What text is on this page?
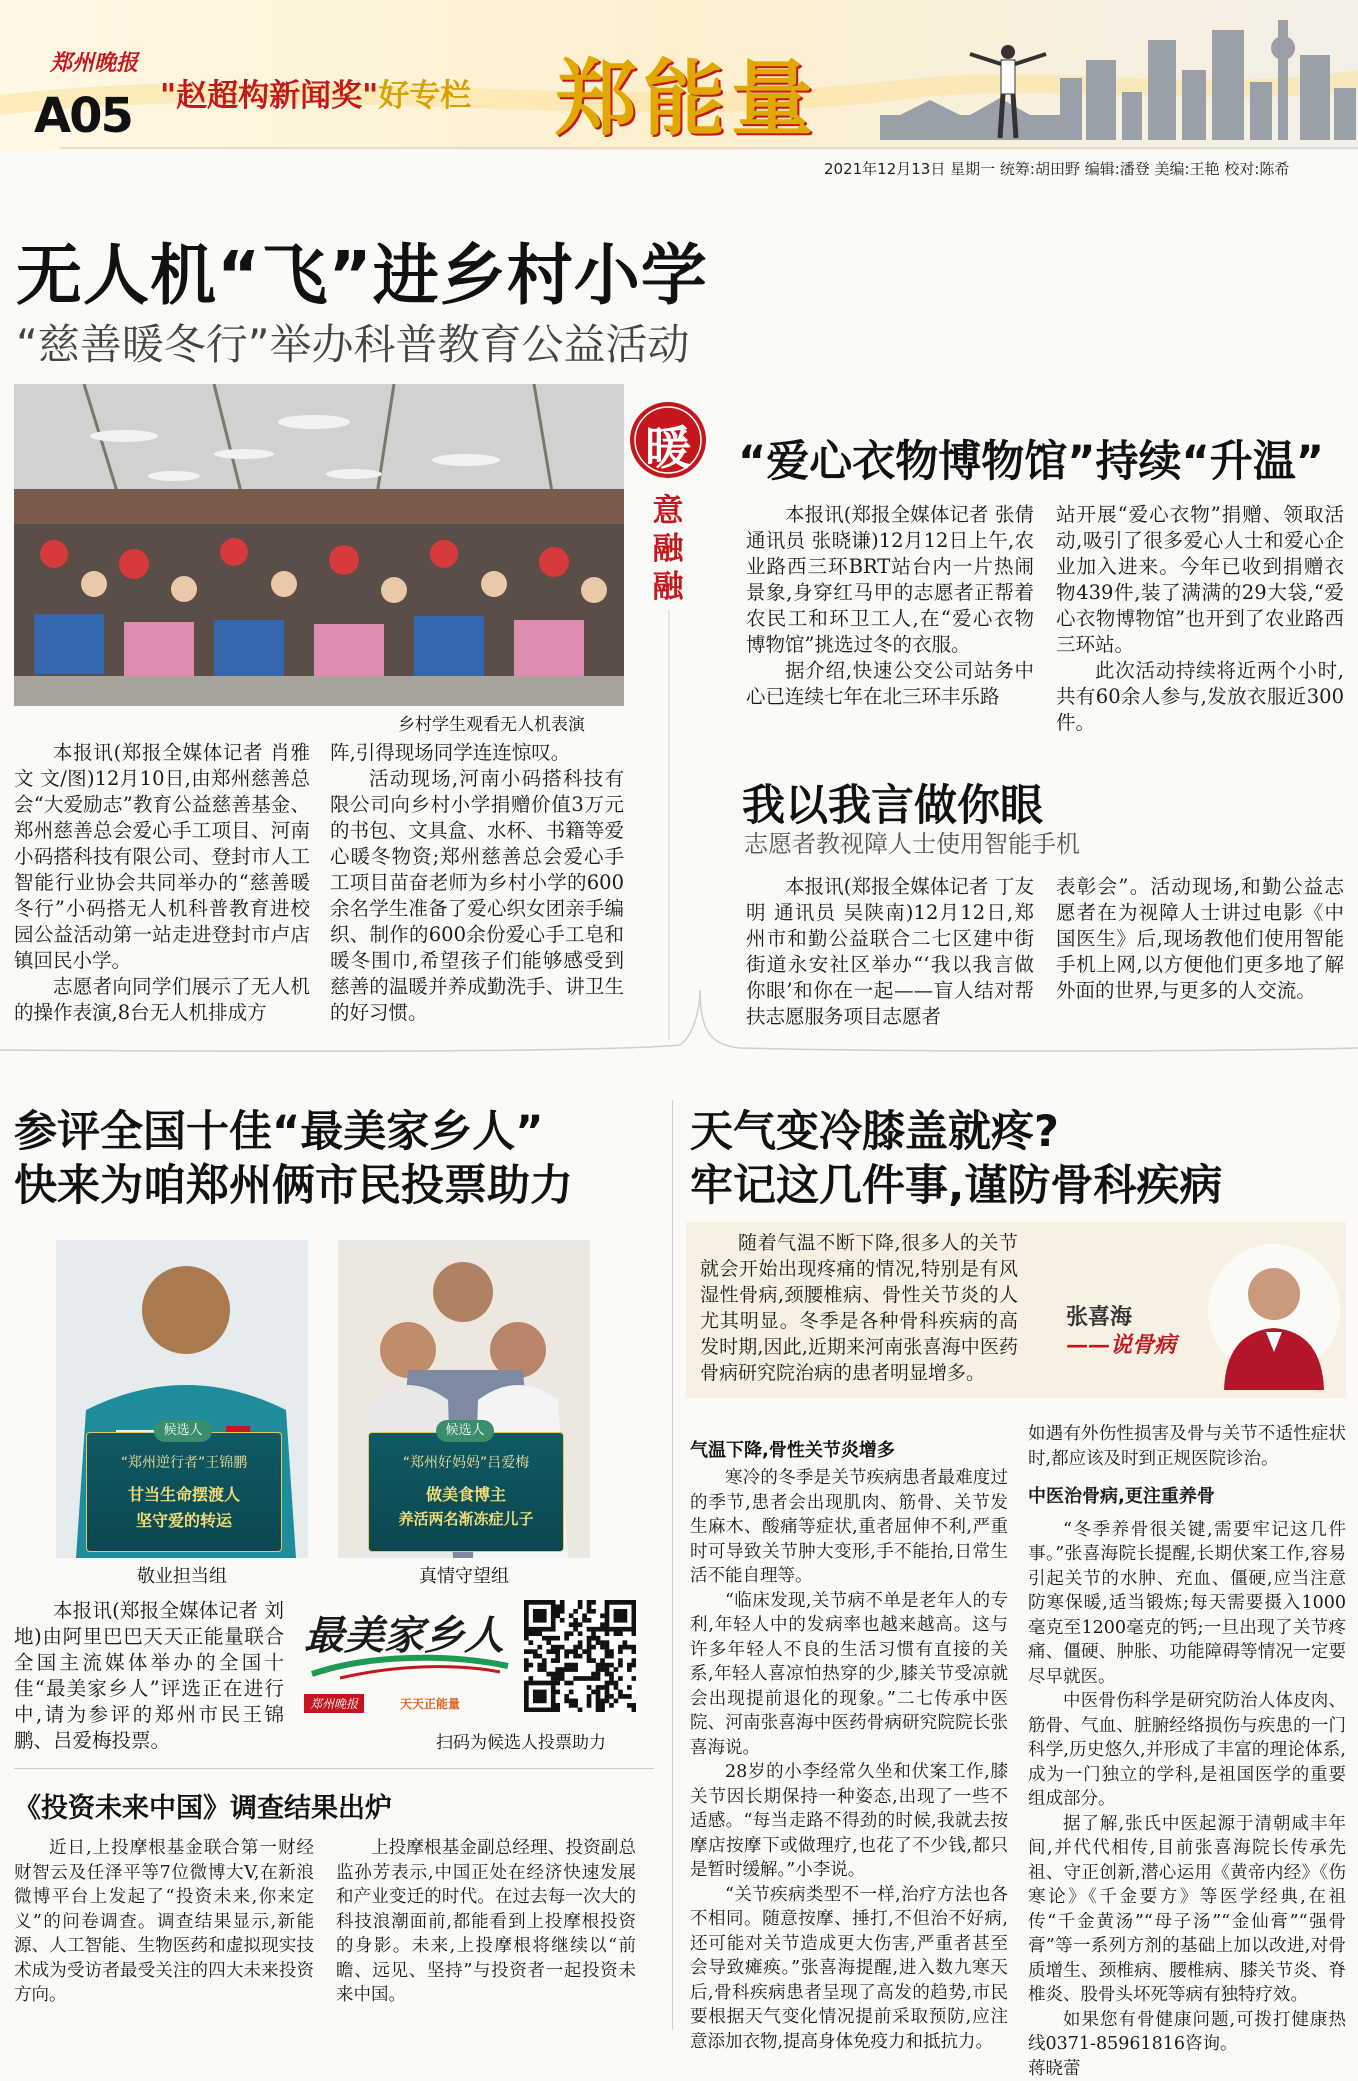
郑州晚报
A05 "赵超构新闻奖"好专栏 郑能量
2021年12月13日 星期一 统筹:胡田野 编辑:潘登 美编:王艳 校对:陈希
无人机“飞”进乡村小学
“慈善暖冬行”举办科普教育公益活动
乡村学生观看无人机表演

本报讯(郑报全媒体记者 肖雅文 文/图)12月10日,由郑州慈善总会“大爱励志”教育公益慈善基金、郑州慈善总会爱心手工项目、河南小码搭科技有限公司、登封市人工智能行业协会共同举办的“慈善暖冬行”小码搭无人机科普教育进校园公益活动第一站走进登封市卢店镇回民小学。

志愿者向同学们展示了无人机的操作表演,8台无人机排成方

阵,引得现场同学连连惊叹。

活动现场,河南小码搭科技有限公司向乡村小学捐赠价值3万元的书包、文具盒、水杯、书籍等爱心暖冬物资;郑州慈善总会爱心手工项目苗奋老师为乡村小学的600余名学生准备了爱心织女团亲手编织、制作的600余份爱心手工皂和暖冬围巾,希望孩子们能够感受到慈善的温暖并养成勤洗手、讲卫生的好习惯。

暖
意融融
“爱心衣物博物馆”持续“升温”

本报讯(郑报全媒体记者 张倩 通讯员 张晓谦)12月12日上午,农业路西三环BRT站台内一片热闹景象,身穿红马甲的志愿者正帮着农民工和环卫工人,在“爱心衣物博物馆”挑选过冬的衣服。

据介绍,快速公交公司站务中心已连续七年在北三环丰乐路

站开展“爱心衣物”捐赠、领取活动,吸引了很多爱心人士和爱心企业加入进来。今年已收到捐赠衣物439件,装了满满的29大袋,“爱心衣物博物馆”也开到了农业路西三环站。

此次活动持续将近两个小时,共有60余人参与,发放衣服近300件。

我以我言做你眼
志愿者教视障人士使用智能手机

本报讯(郑报全媒体记者 丁友明 通讯员 吴陕南)12月12日,郑州市和勤公益联合二七区建中街街道永安社区举办“‘我以我言做你眼’和你在一起——盲人结对帮扶志愿服务项目志愿者

表彰会”。活动现场,和勤公益志愿者在为视障人士讲过电影《中国医生》后,现场教他们使用智能手机上网,以方便他们更多地了解外面的世界,与更多的人交流。

参评全国十佳“最美家乡人”
快来为咱郑州俩市民投票助力
候选人
“郑州逆行者”王锦鹏
甘当生命摆渡人
坚守爱的转运
敬业担当组
候选人
“郑州好妈妈”吕爱梅
做美食博主
养活两名渐冻症儿子
真情守望组

本报讯(郑报全媒体记者 刘地)由阿里巴巴天天正能量联合全国主流媒体举办的全国十佳“最美家乡人”评选正在进行中,请为参评的郑州市民王锦鹏、吕爱梅投票。

最美家乡人
郑州晚报	天天正能量
扫码为候选人投票助力
《投资未来中国》调查结果出炉

近日,上投摩根基金联合第一财经财智云及任泽平等7位微博大V,在新浪微博平台上发起了“投资未来,你来定义”的问卷调查。调查结果显示,新能源、人工智能、生物医药和虚拟现实技术成为受访者最受关注的四大未来投资方向。

上投摩根基金副总经理、投资副总监孙芳表示,中国正处在经济快速发展和产业变迁的时代。在过去每一次大的科技浪潮面前,都能看到上投摩根投资的身影。未来,上投摩根将继续以“前瞻、远见、坚持”与投资者一起投资未来中国。

天气变冷膝盖就疼?
牢记这几件事,谨防骨科疾病
随着气温不断下降,很多人的关节就会开始出现疼痛的情况,特别是有风湿性骨病,颈腰椎病、骨性关节炎的人尤其明显。冬季是各种骨科疾病的高发时期,因此,近期来河南张喜海中医药骨病研究院治病的患者明显增多。
张喜海
——说骨病
气温下降,骨性关节炎增多

寒冷的冬季是关节疾病患者最难度过的季节,患者会出现肌肉、筋骨、关节发生麻木、酸痛等症状,重者屈伸不利,严重时可导致关节肿大变形,手不能抬,日常生活不能自理等。

“临床发现,关节病不单是老年人的专利,年轻人中的发病率也越来越高。这与许多年轻人不良的生活习惯有直接的关系,年轻人喜凉怕热穿的少,膝关节受凉就会出现提前退化的现象。”二七传承中医院、河南张喜海中医药骨病研究院院长张喜海说。

28岁的小李经常久坐和伏案工作,膝关节因长期保持一种姿态,出现了一些不适感。“每当走路不得劲的时候,我就去按摩店按摩下或做理疗,也花了不少钱,都只是暂时缓解。”小李说。

“关节疾病类型不一样,治疗方法也各不相同。随意按摩、捶打,不但治不好病,还可能对关节造成更大伤害,严重者甚至会导致瘫痪。”张喜海提醒,进入数九寒天后,骨科疾病患者呈现了高发的趋势,市民要根据天气变化情况提前采取预防,应注意添加衣物,提高身体免疫力和抵抗力。

如遇有外伤性损害及骨与关节不适性症状时,都应该及时到正规医院诊治。

中医治骨病,更注重养骨

“冬季养骨很关键,需要牢记这几件事。”张喜海院长提醒,长期伏案工作,容易引起关节的水肿、充血、僵硬,应当注意防寒保暖,适当锻炼;每天需要摄入1000毫克至1200毫克的钙;一旦出现了关节疼痛、僵硬、肿胀、功能障碍等情况一定要尽早就医。

中医骨伤科学是研究防治人体皮肉、筋骨、气血、脏腑经络损伤与疾患的一门科学,历史悠久,并形成了丰富的理论体系,成为一门独立的学科,是祖国医学的重要组成部分。

据了解,张氏中医起源于清朝咸丰年间,并代代相传,目前张喜海院长传承先祖、守正创新,潜心运用《黄帝内经》《伤寒论》《千金要方》等医学经典,在祖传“千金黄汤”“母子汤”“金仙膏”“强骨膏”等一系列方剂的基础上加以改进,对骨质增生、颈椎病、腰椎病、膝关节炎、脊椎炎、股骨头坏死等病有独特疗效。

如果您有骨健康问题,可拨打健康热线0371-85961816咨询。

蒋晓蕾
